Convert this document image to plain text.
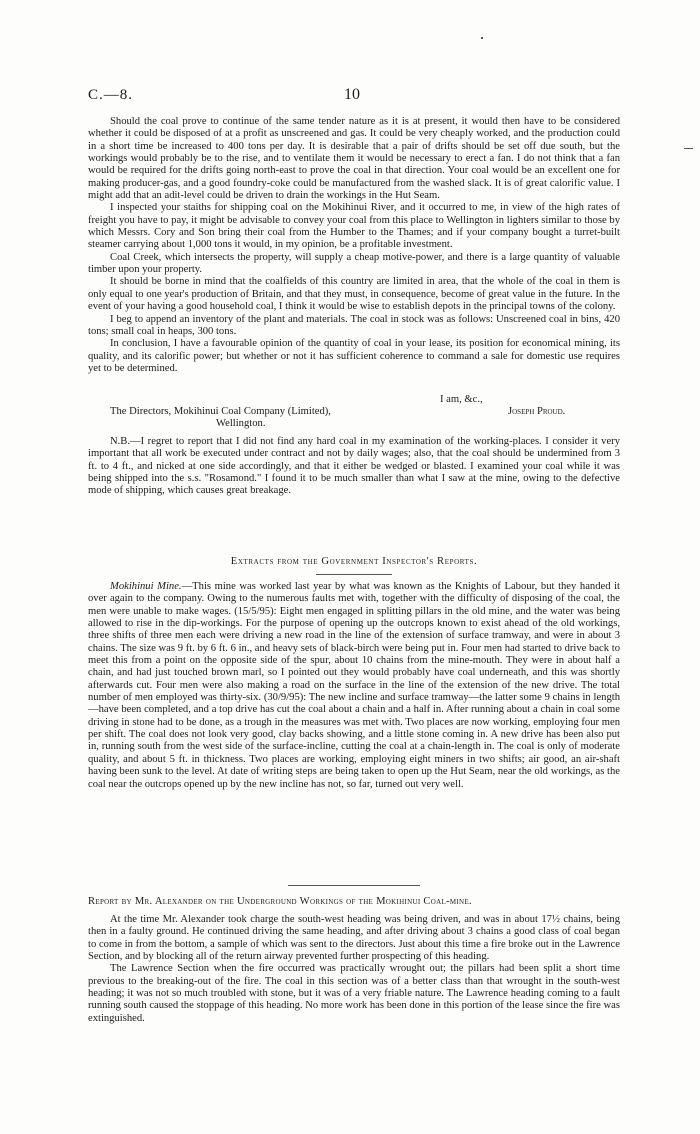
C.—8.	10

Should the coal prove to continue of the same tender nature as it is at present, it would then have to be considered whether it could be disposed of at a profit as unscreened and gas. It could be very cheaply worked, and the production could in a short time be increased to 400 tons per day. It is desirable that a pair of drifts should be set off due south, but the workings would probably be to the rise, and to ventilate them it would be necessary to erect a fan. I do not think that a fan would be required for the drifts going north-east to prove the coal in that direction. Your coal would be an excellent one for making producer-gas, and a good foundry-coke could be manufactured from the washed slack. It is of great calorific value. I might add that an adit-level could be driven to drain the workings in the Hut Seam.

I inspected your staiths for shipping coal on the Mokihinui River, and it occurred to me, in view of the high rates of freight you have to pay, it might be advisable to convey your coal from this place to Wellington in lighters similar to those by which Messrs. Cory and Son bring their coal from the Humber to the Thames; and if your company bought a turret-built steamer carrying about 1,000 tons it would, in my opinion, be a profitable investment.

Coal Creek, which intersects the property, will supply a cheap motive-power, and there is a large quantity of valuable timber upon your property.

It should be borne in mind that the coalfields of this country are limited in area, that the whole of the coal in them is only equal to one year's production of Britain, and that they must, in consequence, become of great value in the future. In the event of your having a good household coal, I think it would be wise to establish depots in the principal towns of the colony.

I beg to append an inventory of the plant and materials. The coal in stock was as follows: Unscreened coal in bins, 420 tons; small coal in heaps, 300 tons.

In conclusion, I have a favourable opinion of the quantity of coal in your lease, its position for economical mining, its quality, and its calorific power; but whether or not it has sufficient coherence to command a sale for domestic use requires yet to be determined.

I am, &c.,
The Directors, Mokihinui Coal Company (Limited),	Joseph Proud.
Wellington.

N.B.—I regret to report that I did not find any hard coal in my examination of the working-places. I consider it very important that all work be executed under contract and not by daily wages; also, that the coal should be undermined from 3 ft. to 4 ft., and nicked at one side accordingly, and that it either be wedged or blasted. I examined your coal while it was being shipped into the s.s. "Rosamond." I found it to be much smaller than what I saw at the mine, owing to the defective mode of shipping, which causes great breakage.

Extracts from the Government Inspector's Reports.

Mokihinui Mine.—This mine was worked last year by what was known as the Knights of Labour, but they handed it over again to the company. Owing to the numerous faults met with, together with the difficulty of disposing of the coal, the men were unable to make wages. (15/5/95): Eight men engaged in splitting pillars in the old mine, and the water was being allowed to rise in the dip-workings. For the purpose of opening up the outcrops known to exist ahead of the old workings, three shifts of three men each were driving a new road in the line of the extension of surface tramway, and were in about 3 chains. The size was 9 ft. by 6 ft. 6 in., and heavy sets of black-birch were being put in. Four men had started to drive back to meet this from a point on the opposite side of the spur, about 10 chains from the mine-mouth. They were in about half a chain, and had just touched brown marl, so I pointed out they would probably have coal underneath, and this was shortly afterwards cut. Four men were also making a road on the surface in the line of the extension of the new drive. The total number of men employed was thirty-six. (30/9/95): The new incline and surface tramway—the latter some 9 chains in length—have been completed, and a top drive has cut the coal about a chain and a half in. After running about a chain in coal some driving in stone had to be done, as a trough in the measures was met with. Two places are now working, employing four men per shift. The coal does not look very good, clay backs showing, and a little stone coming in. A new drive has been also put in, running south from the west side of the surface-incline, cutting the coal at a chain-length in. The coal is only of moderate quality, and about 5 ft. in thickness. Two places are working, employing eight miners in two shifts; air good, an air-shaft having been sunk to the level. At date of writing steps are being taken to open up the Hut Seam, near the old workings, as the coal near the outcrops opened up by the new incline has not, so far, turned out very well.

Report by Mr. Alexander on the Underground Workings of the Mokihinui Coal-mine.

At the time Mr. Alexander took charge the south-west heading was being driven, and was in about 17½ chains, being then in a faulty ground. He continued driving the same heading, and after driving about 3 chains a good class of coal began to come in from the bottom, a sample of which was sent to the directors. Just about this time a fire broke out in the Lawrence Section, and by blocking all of the return airway prevented further prospecting of this heading.

The Lawrence Section when the fire occurred was practically wrought out; the pillars had been split a short time previous to the breaking-out of the fire. The coal in this section was of a better class than that wrought in the south-west heading; it was not so much troubled with stone, but it was of a very friable nature. The Lawrence heading coming to a fault running south caused the stoppage of this heading. No more work has been done in this portion of the lease since the fire was extinguished.
